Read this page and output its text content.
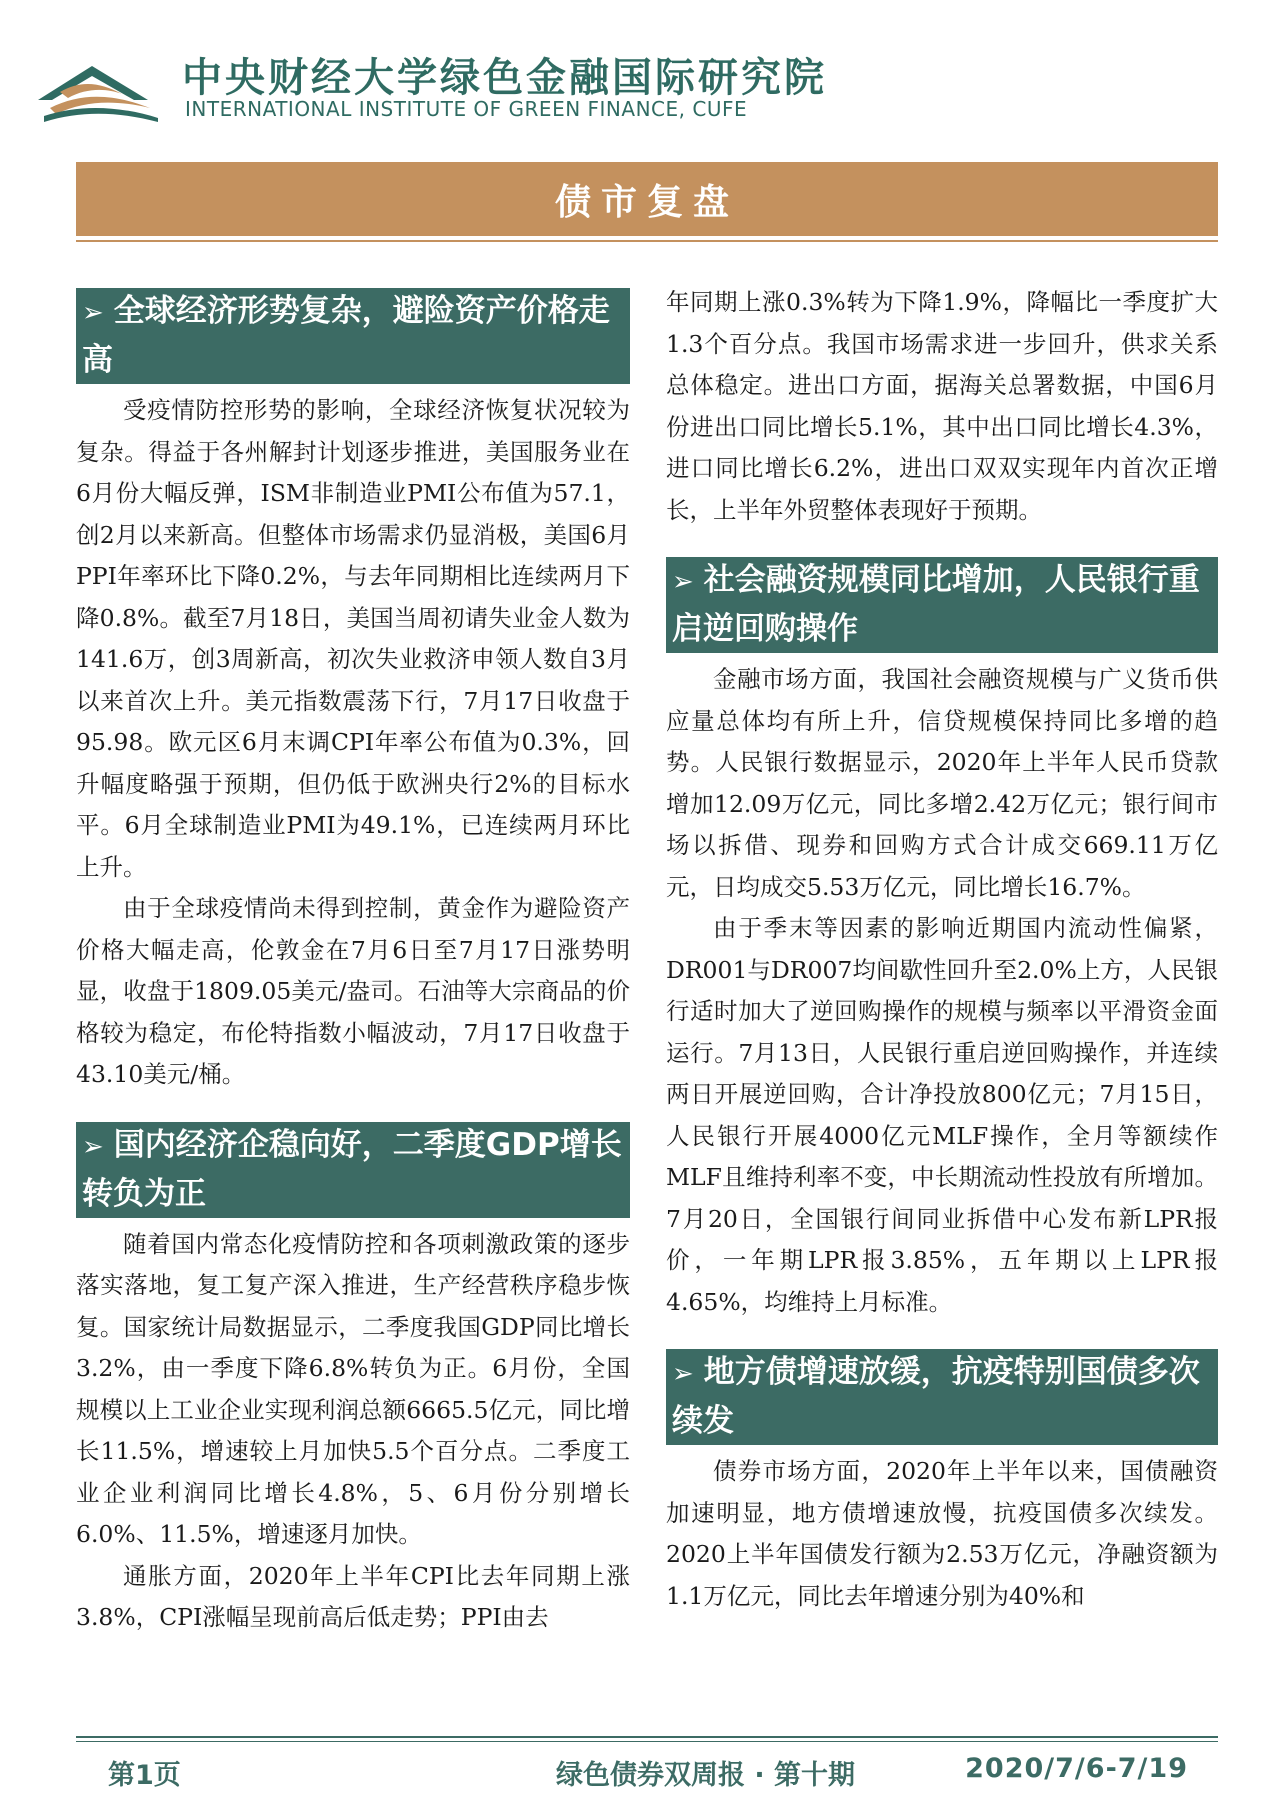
中央财经大学绿色金融国际研究院
INTERNATIONAL INSTITUTE OF GREEN FINANCE, CUFE
债市复盘
➢ 全球经济形势复杂，避险资产价格走高

受疫情防控形势的影响，全球经济恢复状况较为复杂。得益于各州解封计划逐步推进，美国服务业在6月份大幅反弹，ISM非制造业PMI公布值为57.1，创2月以来新高。但整体市场需求仍显消极，美国6月PPI年率环比下降0.2%，与去年同期相比连续两月下降0.8%。截至7月18日，美国当周初请失业金人数为141.6万，创3周新高，初次失业救济申领人数自3月以来首次上升。美元指数震荡下行，7月17日收盘于95.98。欧元区6月末调CPI年率公布值为0.3%，回升幅度略强于预期，但仍低于欧洲央行2%的目标水平。6月全球制造业PMI为49.1%，已连续两月环比上升。

由于全球疫情尚未得到控制，黄金作为避险资产价格大幅走高，伦敦金在7月6日至7月17日涨势明显，收盘于1809.05美元/盎司。石油等大宗商品的价格较为稳定，布伦特指数小幅波动，7月17日收盘于43.10美元/桶。

➢ 国内经济企稳向好，二季度GDP增长转负为正

随着国内常态化疫情防控和各项刺激政策的逐步落实落地，复工复产深入推进，生产经营秩序稳步恢复。国家统计局数据显示，二季度我国GDP同比增长3.2%，由一季度下降6.8%转负为正。6月份，全国规模以上工业企业实现利润总额6665.5亿元，同比增长11.5%，增速较上月加快5.5个百分点。二季度工业企业利润同比增长4.8%，5、6月份分别增长6.0%、11.5%，增速逐月加快。

通胀方面，2020年上半年CPI比去年同期上涨3.8%，CPI涨幅呈现前高后低走势；PPI由去

年同期上涨0.3%转为下降1.9%，降幅比一季度扩大1.3个百分点。我国市场需求进一步回升，供求关系总体稳定。进出口方面，据海关总署数据，中国6月份进出口同比增长5.1%，其中出口同比增长4.3%，进口同比增长6.2%，进出口双双实现年内首次正增长，上半年外贸整体表现好于预期。

➢ 社会融资规模同比增加，人民银行重启逆回购操作

金融市场方面，我国社会融资规模与广义货币供应量总体均有所上升，信贷规模保持同比多增的趋势。人民银行数据显示，2020年上半年人民币贷款增加12.09万亿元，同比多增2.42万亿元；银行间市场以拆借、现券和回购方式合计成交669.11万亿元，日均成交5.53万亿元，同比增长16.7%。

由于季末等因素的影响近期国内流动性偏紧，DR001与DR007均间歇性回升至2.0%上方，人民银行适时加大了逆回购操作的规模与频率以平滑资金面运行。7月13日，人民银行重启逆回购操作，并连续两日开展逆回购，合计净投放800亿元；7月15日，人民银行开展4000亿元MLF操作，全月等额续作MLF且维持利率不变，中长期流动性投放有所增加。7月20日，全国银行间同业拆借中心发布新LPR报价，一年期LPR报3.85%，五年期以上LPR报4.65%，均维持上月标准。

➢ 地方债增速放缓，抗疫特别国债多次续发

债券市场方面，2020年上半年以来，国债融资加速明显，地方债增速放慢，抗疫国债多次续发。2020上半年国债发行额为2.53万亿元，净融资额为1.1万亿元，同比去年增速分别为40%和

第1页	绿色债券双周报 · 第十期	2020/7/6-7/19
